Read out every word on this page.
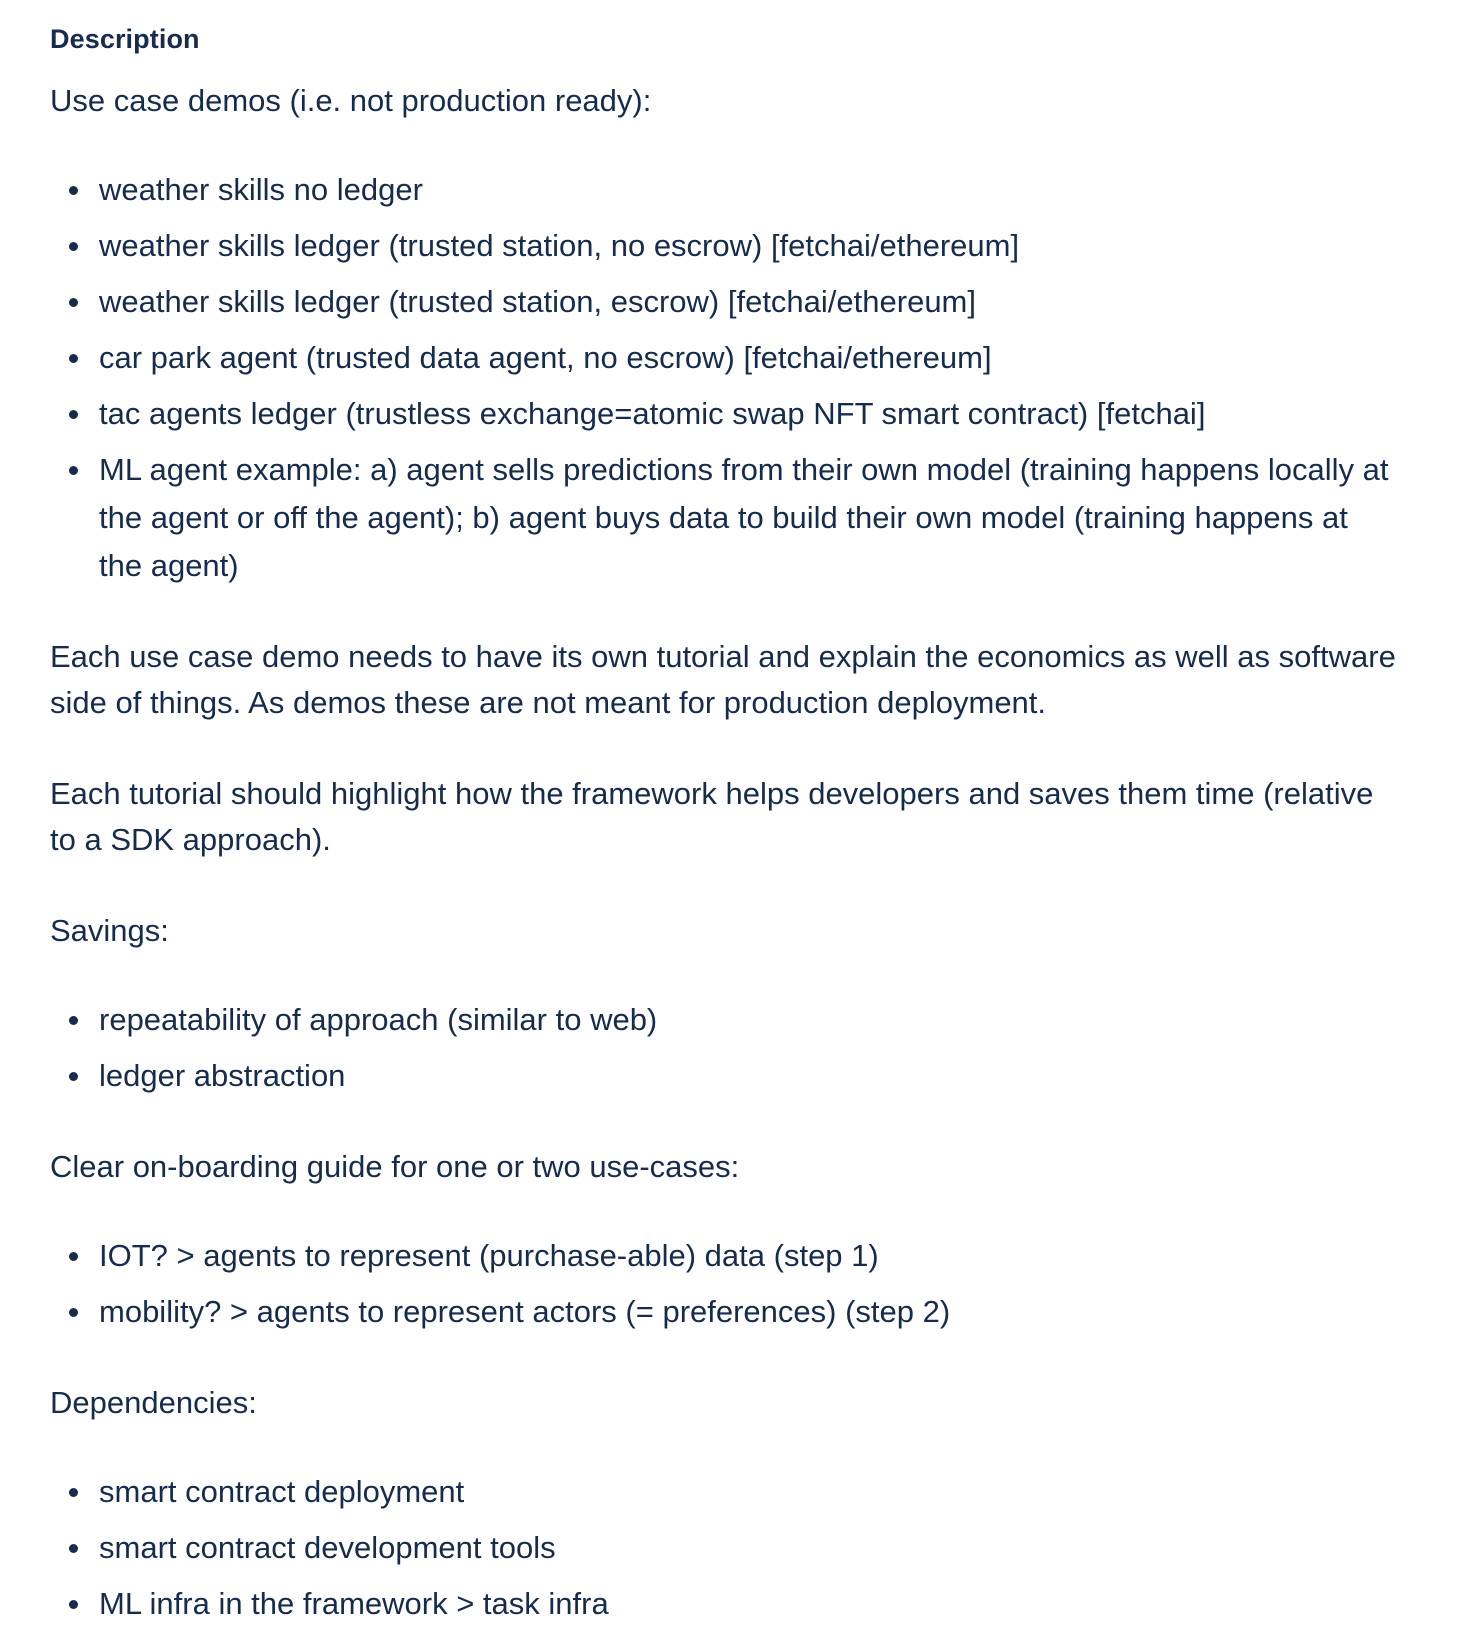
Description

Use case demos (i.e. not production ready):

weather skills no ledger
weather skills ledger (trusted station, no escrow) [fetchai/ethereum]
weather skills ledger (trusted station, escrow) [fetchai/ethereum]
car park agent (trusted data agent, no escrow) [fetchai/ethereum]
tac agents ledger (trustless exchange=atomic swap NFT smart contract) [fetchai]
ML agent example: a) agent sells predictions from their own model (training happens locally at the agent or off the agent); b) agent buys data to build their own model (training happens at the agent)

Each use case demo needs to have its own tutorial and explain the economics as well as software side of things. As demos these are not meant for production deployment.

Each tutorial should highlight how the framework helps developers and saves them time (relative to a SDK approach).

Savings:

repeatability of approach (similar to web)
ledger abstraction

Clear on-boarding guide for one or two use-cases:

IOT? > agents to represent (purchase-able) data (step 1)
mobility? > agents to represent actors (= preferences) (step 2)

Dependencies:

smart contract deployment
smart contract development tools
ML infra in the framework > task infra
